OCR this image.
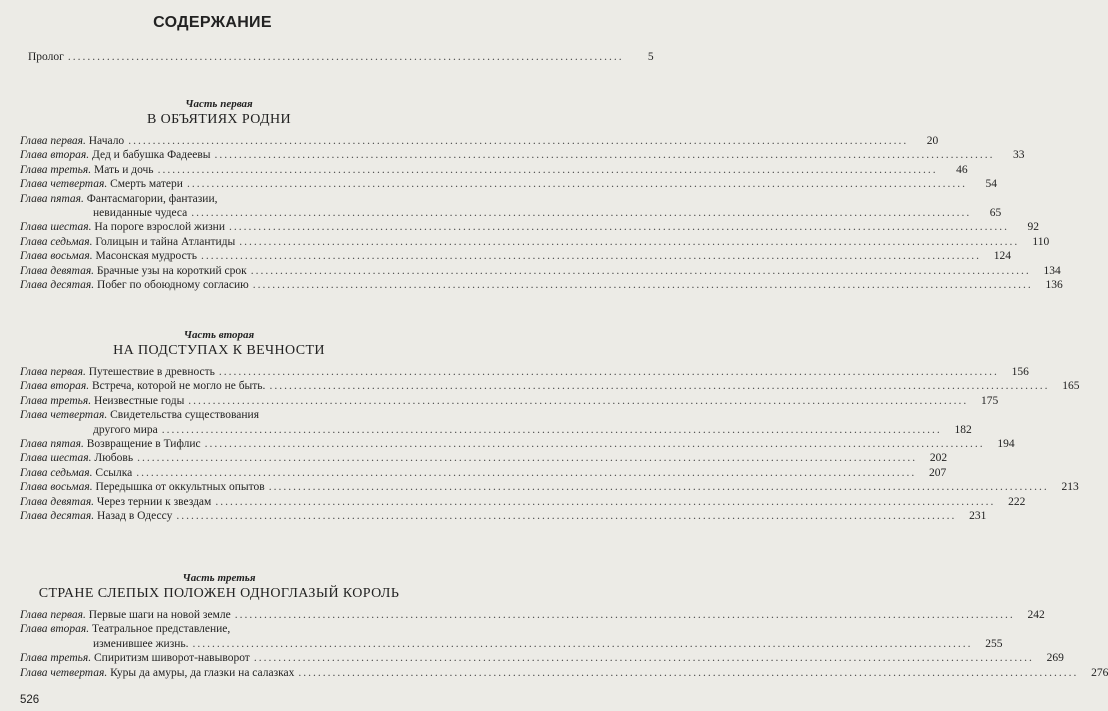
СОДЕРЖАНИЕ
Пролог ..................................................................................................................	5
Часть первая
В ОБЪЯТИЯХ РОДНИ
Глава первая. Начало ................................................................................................................................................................	20
Глава вторая. Дед и бабушка Фадеевы ................................................................................................................................................................	33
Глава третья. Мать и дочь ................................................................................................................................................................	46
Глава четвертая. Смерть матери ................................................................................................................................................................	54
Глава пятая. Фантасмагории, фантазии,
невиданные чудеса ................................................................................................................................................................	65
Глава шестая. На пороге взрослой жизни ................................................................................................................................................................	92
Глава седьмая. Голицын и тайна Атлантиды ................................................................................................................................................................	110
Глава восьмая. Масонская мудрость ................................................................................................................................................................	124
Глава девятая. Брачные узы на короткий срок ................................................................................................................................................................	134
Глава десятая. Побег по обоюдному согласию ................................................................................................................................................................	136
Часть вторая
НА ПОДСТУПАХ К ВЕЧНОСТИ
Глава первая. Путешествие в древность ................................................................................................................................................................	156
Глава вторая. Встреча, которой не могло не быть. ................................................................................................................................................................	165
Глава третья. Неизвестные годы ................................................................................................................................................................	175
Глава четвертая. Свидетельства существования
другого мира ................................................................................................................................................................	182
Глава пятая. Возвращение в Тифлис ................................................................................................................................................................	194
Глава шестая. Любовь ................................................................................................................................................................	202
Глава седьмая. Ссылка ................................................................................................................................................................	207
Глава восьмая. Передышка от оккультных опытов ................................................................................................................................................................	213
Глава девятая. Через тернии к звездам ................................................................................................................................................................	222
Глава десятая. Назад в Одессу ................................................................................................................................................................	231
Часть третья
СТРАНЕ СЛЕПЫХ ПОЛОЖЕН ОДНОГЛАЗЫЙ КОРОЛЬ
Глава первая. Первые шаги на новой земле ................................................................................................................................................................	242
Глава вторая. Театральное представление,
изменившее жизнь. ................................................................................................................................................................	255
Глава третья. Спиритизм шиворот-навыворот ................................................................................................................................................................	269
Глава четвертая. Куры да амуры, да глазки на салазках ................................................................................................................................................................	276
526
